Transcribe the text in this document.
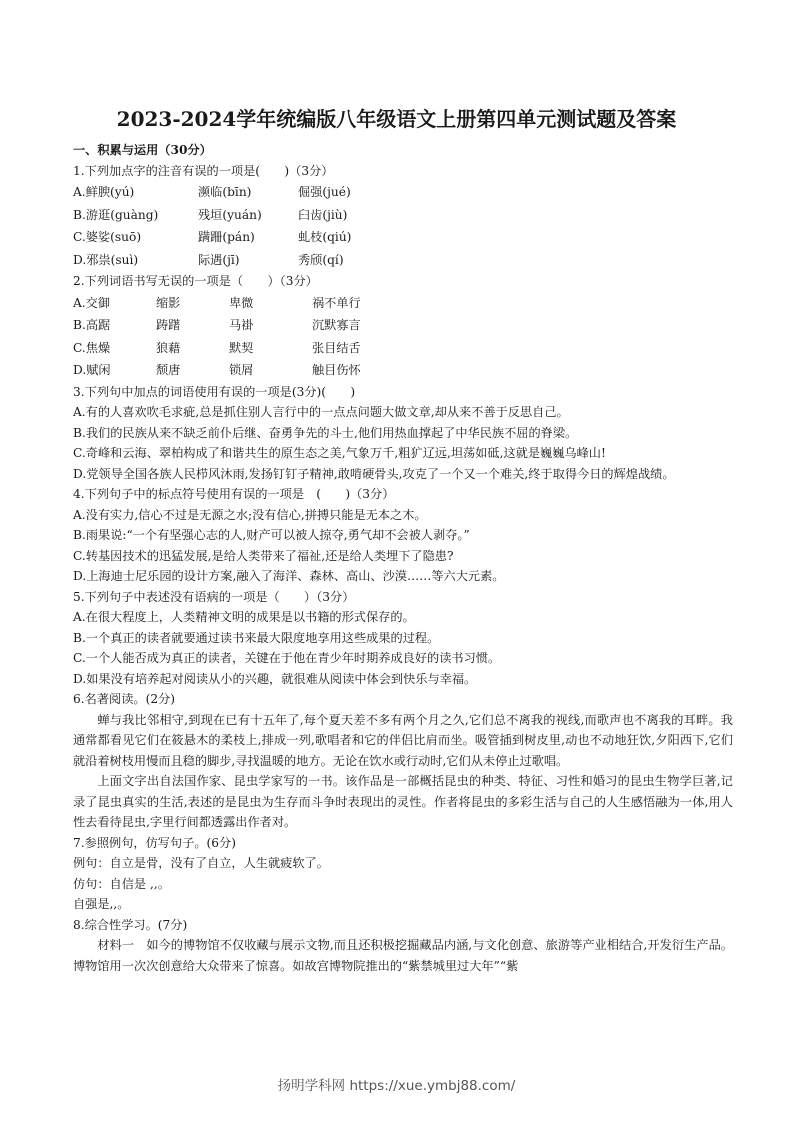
2023-2024学年统编版八年级语文上册第四单元测试题及答案
一、积累与运用（30分）
1.下列加点字的注音有误的一项是(　　)（3分）
A.鲜腴(yú)	濒临(bīn)	倔强(jué)
B.游逛(guàng)	残垣(yuán)	臼齿(jiù)
C.婆娑(suō)	蹒跚(pán)	虬枝(qiú)
D.邪祟(suì)	际遇(jī)	秀颀(qí)
2.下列词语书写无误的一项是（　　）（3分）
A.交御	缩影	卑微	祸不单行
B.高踞	踌躇	马褂	沉默寡言
C.焦燥	狼藉	默契	张目结舌
D.赋闲	颓唐	锁屑	触目伤怀
3.下列句中加点的词语使用有误的一项是(3分)(　　)
A.有的人喜欢吹毛求疵,总是抓住别人言行中的一点点问题大做文章,却从来不善于反思自己。
B.我们的民族从来不缺乏前仆后继、奋勇争先的斗士,他们用热血撑起了中华民族不屈的脊梁。
C.奇峰和云海、翠柏构成了和谐共生的原生态之美,气象万千,粗犷辽远,坦荡如砥,这就是巍巍乌峰山!
D.党领导全国各族人民栉风沐雨,发扬钉钉子精神,敢啃硬骨头,攻克了一个又一个难关,终于取得今日的辉煌战绩。
4.下列句子中的标点符号使用有误的一项是　(　　)（3分）
A.没有实力,信心不过是无源之水;没有信心,拼搏只能是无本之木。
B.雨果说:“一个有坚强心志的人,财产可以被人掠夺,勇气却不会被人剥夺。”
C.转基因技术的迅猛发展,是给人类带来了福祉,还是给人类埋下了隐患?
D.上海迪士尼乐园的设计方案,融入了海洋、森林、高山、沙漠……等六大元素。
5.下列句子中表述没有语病的一项是（　　）（3分）
A.在很大程度上，人类精神文明的成果是以书籍的形式保存的。
B.一个真正的读者就要通过读书来最大限度地享用这些成果的过程。
C.一个人能否成为真正的读者，关键在于他在青少年时期养成良好的读书习惯。
D.如果没有培养起对阅读从小的兴趣，就很难从阅读中体会到快乐与幸福。
6.名著阅读。(2分)
蝉与我比邻相守,到现在已有十五年了,每个夏天差不多有两个月之久,它们总不离我的视线,而歌声也不离我的耳畔。我通常都看见它们在筱悬木的柔枝上,排成一列,歌唱者和它的伴侣比肩而坐。吸管插到树皮里,动也不动地狂饮,夕阳西下,它们就沿着树枝用慢而且稳的脚步,寻找温暖的地方。无论在饮水或行动时,它们从未停止过歌唱。
上面文字出自法国作家、昆虫学家写的一书。该作品是一部概括昆虫的种类、特征、习性和婚习的昆虫生物学巨著,记录了昆虫真实的生活,表述的是昆虫为生存而斗争时表现出的灵性。作者将昆虫的多彩生活与自己的人生感悟融为一体,用人性去看待昆虫,字里行间都透露出作者对。
7.参照例句，仿写句子。(6分)
例句：自立是骨，没有了自立，人生就疲软了。
仿句：自信是 ,,。
自强是,,。
8.综合性学习。(7分)
材料一　如今的博物馆不仅收藏与展示文物,而且还积极挖掘藏品内涵,与文化创意、旅游等产业相结合,开发衍生产品。博物馆用一次次创意给大众带来了惊喜。如故宫博物院推出的“紫禁城里过大年”“紫
扬明学科网 https://xue.ymbj88.com/
